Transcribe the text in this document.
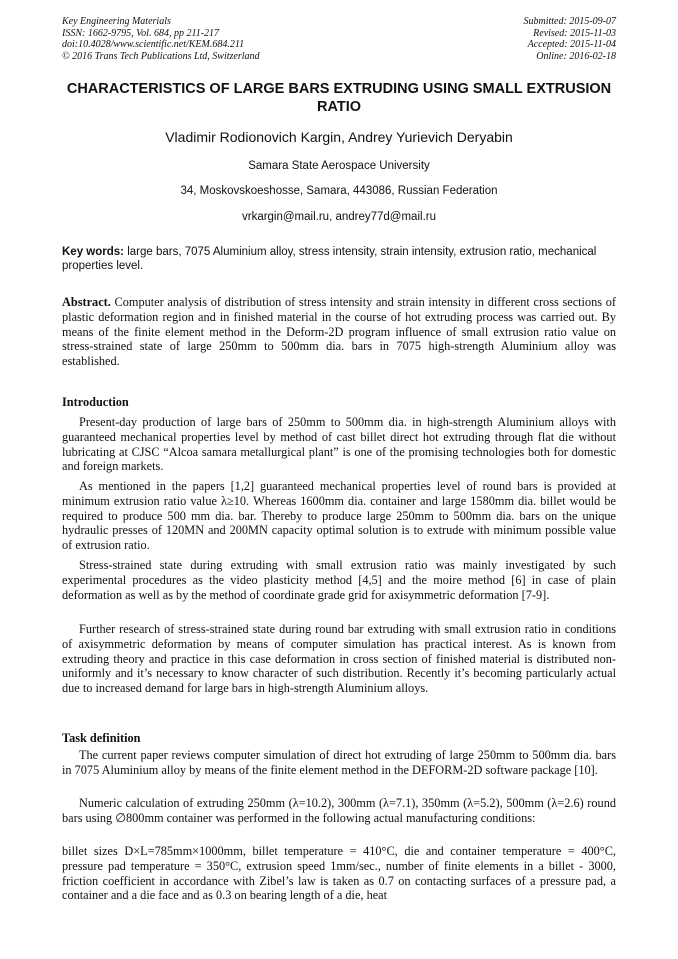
Key Engineering Materials
ISSN: 1662-9795, Vol. 684, pp 211-217
doi:10.4028/www.scientific.net/KEM.684.211
© 2016 Trans Tech Publications Ltd, Switzerland
Submitted: 2015-09-07
Revised: 2015-11-03
Accepted: 2015-11-04
Online: 2016-02-18

CHARACTERISTICS OF LARGE BARS EXTRUDING USING SMALL EXTRUSION RATIO

Vladimir Rodionovich Kargin, Andrey Yurievich Deryabin

Samara State Aerospace University

34, Moskovskoeshosse, Samara, 443086, Russian Federation

vrkargin@mail.ru, andrey77d@mail.ru

Key words: large bars, 7075 Aluminium alloy, stress intensity, strain intensity, extrusion ratio, mechanical properties level.

Abstract. Computer analysis of distribution of stress intensity and strain intensity in different cross sections of plastic deformation region and in finished material in the course of hot extruding process was carried out. By means of the finite element method in the Deform-2D program influence of small extrusion ratio value on stress-strained state of large 250mm to 500mm dia. bars in 7075 high-strength Aluminium alloy was established.

Introduction

Present-day production of large bars of 250mm to 500mm dia. in high-strength Aluminium alloys with guaranteed mechanical properties level by method of cast billet direct hot extruding through flat die without lubricating at CJSC “Alcoa samara metallurgical plant” is one of the promising technologies both for domestic and foreign markets.

As mentioned in the papers [1,2] guaranteed mechanical properties level of round bars is provided at minimum extrusion ratio value λ≥10. Whereas 1600mm dia. container and large 1580mm dia. billet would be required to produce 500 mm dia. bar. Thereby to produce large 250mm to 500mm dia. bars on the unique hydraulic presses of 120MN and 200MN capacity optimal solution is to extrude with minimum possible value of extrusion ratio.

Stress-strained state during extruding with small extrusion ratio was mainly investigated by such experimental procedures as the video plasticity method [4,5] and the moire method [6] in case of plain deformation as well as by the method of coordinate grade grid for axisymmetric deformation [7-9].

Further research of stress-strained state during round bar extruding with small extrusion ratio in conditions of axisymmetric deformation by means of computer simulation has practical interest. As is known from extruding theory and practice in this case deformation in cross section of finished material is distributed non-uniformly and it’s necessary to know character of such distribution. Recently it’s becoming particularly actual due to increased demand for large bars in high-strength Aluminium alloys.

Task definition

The current paper reviews computer simulation of direct hot extruding of large 250mm to 500mm dia. bars in 7075 Aluminium alloy by means of the finite element method in the DEFORM-2D software package [10].

Numeric calculation of extruding 250mm (λ=10.2), 300mm (λ=7.1), 350mm (λ=5.2), 500mm (λ=2.6) round bars using ∅800mm container was performed in the following actual manufacturing conditions:

billet sizes D×L=785mm×1000mm, billet temperature = 410°C, die and container temperature = 400°C, pressure pad temperature = 350°C, extrusion speed 1mm/sec., number of finite elements in a billet - 3000, friction coefficient in accordance with Zibel’s law is taken as 0.7 on contacting surfaces of a pressure pad, a container and a die face and as 0.3 on bearing length of a die, heat
